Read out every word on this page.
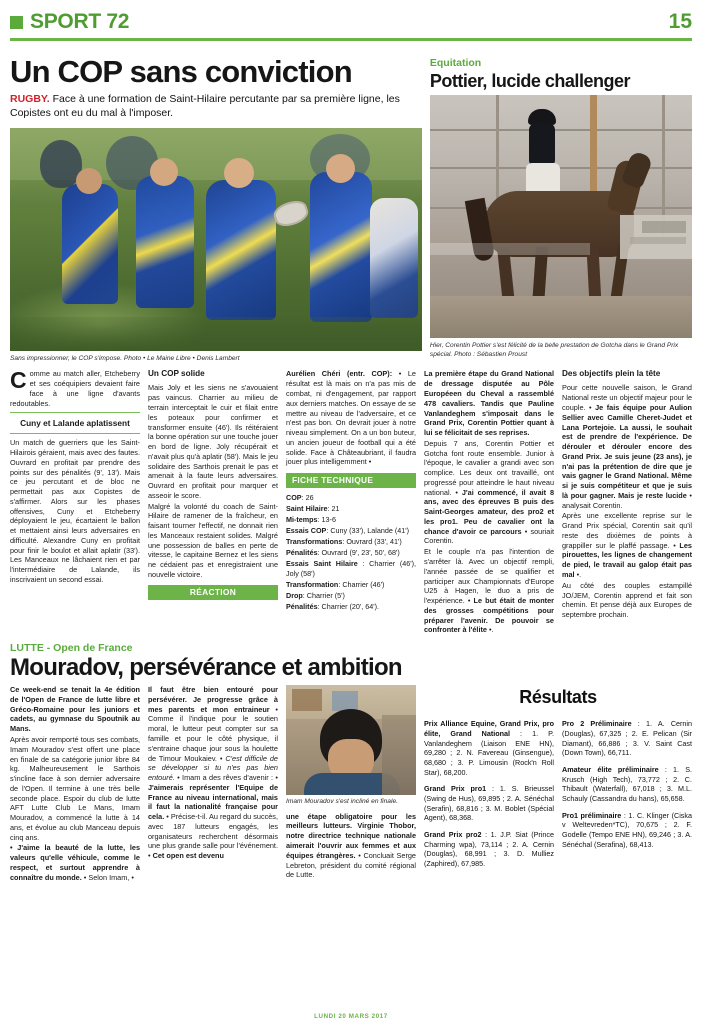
SPORT 72	15
Un COP sans conviction
RUGBY. Face à une formation de Saint-Hilaire percutante par sa première ligne, les Copistes ont eu du mal à l'imposer.
Sans impressionner, le COP s'impose. Photo • Le Maine Libre • Denis Lambert
Equitation
Pottier, lucide challenger
Hier, Corentin Pottier s'est félicité de la belle prestation de Gotcha dans le Grand Prix spécial. Photo : Sébastien Proust

Comme au match aller, Etcheberry et ses coéquipiers devaient faire face à une ligne d'avants redoutables.

Cuny et Lalande aplatissent

Un match de guerriers que les Saint-Hilairois géraient, mais avec des fautes. Ouvrard en profitait par prendre des points sur des pénalités (9', 13'). Mais ce jeu percutant et de bloc ne permettait pas aux Copistes de s'affirmer. Alors sur les phases offensives, Cuny et Etcheberry déployaient le jeu, écartaient le ballon et mettaient ainsi leurs adversaires en difficulté. Alexandre Cuny en profitait pour finir le boulot et allait aplatir (33'). Les Manceaux ne lâchaient rien et par l'intermédiaire de Lalande, ils inscrivaient un second essai.

Un COP solide

Mais Joly et les siens ne s'avouaient pas vaincus. Charrier au milieu de terrain interceptait le cuir et filait entre les poteaux pour confirmer et transformer ensuite (46'). Ils réitéraient la bonne opération sur une touche jouer en bord de ligne. Joly récupérait et n'avait plus qu'à aplatir (58'). Mais le jeu solidaire des Sarthois prenait le pas et amenait à la faute leurs adversaires. Ouvrard en profitait pour marquer et asseoir le score.

Malgré la volonté du coach de Saint-Hilaire de ramener de la fraîcheur, en faisant tourner l'effectif, ne donnait rien les Manceaux restaient solides. Malgré une possession de balles en perte de vitesse, le capitaine Bernez et les siens ne cédaient pas et enregistraient une nouvelle victoire.

RÉACTION

Aurélien Chéri (entr. COP): • Le résultat est là mais on n'a pas mis de combat, ni d'engagement, par rapport aux derniers matches. On essaye de se mettre au niveau de l'adversaire, et ce n'est pas bon. On devrait jouer à notre niveau simplement. On a un bon buteur, un ancien joueur de football qui a été solide. Face à Châteaubriant, il faudra jouer plus intelligemment •

FICHE TECHNIQUE
COP: 26
Saint Hilaire: 21
Mi-temps: 13-6
Essais COP: Cuny (33'), Lalande (41')
Transformations: Ouvrard (33', 41')
Pénalités: Ouvrard (9', 23', 50', 68')
Essais Saint Hilaire : Charrier (46'), Joly (58')
Transformation: Charrier (46')
Drop: Charrier (5')
Pénalités: Charrier (20', 64').

La première étape du Grand National de dressage disputée au Pôle Européeen du Cheval a rassemblé 478 cavaliers. Tandis que Pauline Vanlandeghem s'imposait dans le Grand Prix, Corentin Pottier quant à lui se félicitait de ses reprises.

Depuis 7 ans, Corentin Pottier et Gotcha font route ensemble. Junior à l'époque, le cavalier a grandi avec son complice. Les deux ont travaillé, ont progressé pour atteindre le haut niveau national. • J'ai commencé, il avait 8 ans, avec des épreuves B puis des Saint-Georges amateur, des pro2 et les pro1. Peu de cavalier ont la chance d'avoir ce parcours • souriait Corentin.

Et le couple n'a pas l'intention de s'arrêter là. Avec un objectif rempli, l'année passée de se qualifier et participer aux Championnats d'Europe U25 à Hagen, le duo a pris de l'expérience. • Le but était de monter des grosses compétitions pour préparer l'avenir. De pouvoir se confronter à l'élite •.

Des objectifs plein la tête

Pour cette nouvelle saison, le Grand National reste un objectif majeur pour le couple. • Je fais équipe pour Aulion Sellier avec Camille Cheret-Judet et Lana Portejoie. La aussi, le souhait est de prendre de l'expérience. De dérouler et dérouler encore des Grand Prix. Je suis jeune (23 ans), je n'ai pas la prétention de dire que je vais gagner le Grand National. Même si je suis compétiteur et que je suis là pour gagner. Mais je reste lucide • analysait Corentin.

Après une excellente reprise sur le Grand Prix spécial, Corentin sait qu'il reste des dixièmes de points à grappiller sur le plaffé passage. • Les pirouettes, les lignes de changement de pied, le travail au galop était pas mal •.

Au côté des couples estampillé JO/JEM, Corentin apprend et fait son chemin. Et pense déjà aux Europes de septembre prochain.

LUTTE - Open de France
Mouradov, persévérance et ambition

Ce week-end se tenait la 4e édition de l'Open de France de lutte libre et Gréco-Romaine pour les juniors et cadets, au gymnase du Spoutnik au Mans.

Après avoir remporté tous ses combats, Imam Mouradov s'est offert une place en finale de sa catégorie junior libre 84 kg. Malheureusement le Sarthois s'incline face à son dernier adversaire de l'Open. Il termine à une très belle seconde place. Espoir du club de lutte AFT Lutte Club Le Mans, Imam Mouradov, a commencé la lutte à 14 ans, et évolue au club Manceau depuis cinq ans.

• J'aime la beauté de la lutte, les valeurs qu'elle véhicule, comme le respect, et surtout apprendre à connaître du monde. • Selon Imam, •

Il faut être bien entouré pour persévérer. Je progresse grâce à mes parents et mon entraineur • Comme il l'indique pour le soutien moral, le lutteur peut compter sur sa famille et pour le côté physique, il s'entraine chaque jour sous la houlette de Timour Moukaiev. • C'est difficile de se développer si tu n'es pas bien entouré. • Imam a des rêves d'avenir : • J'aimerais représenter l'Equipe de France au niveau international, mais il faut la nationalité française pour cela. • Précise-t-il. Au regard du succès, avec 187 lutteurs engagés, les organisateurs recherchent désormais une plus grande salle pour l'événement. • Cet open est devenu

Imam Mouradov s'est incliné en finale.

une étape obligatoire pour les meilleurs lutteurs. Virginie Thobor, notre directrice technique nationale aimerait l'ouvrir aux femmes et aux équipes étrangères. • Concluait Serge Lebreton, président du comité régional de Lutte.

Résultats

Prix Alliance Equine, Grand Prix, pro élite, Grand National : 1. P. Vanlandeghem (Liaison ENE HN), 69,280 ; 2. N. Favereau (Ginsengue), 68,680 ; 3. P. Limousin (Rock'n Roll Star), 68,200.

Grand Prix pro1 : 1. S. Brieussel (Swing de Hus), 69,895 ; 2. A. Sénéchal (Serafin), 68,816 ; 3. M. Boblet (Spécial Agent), 68,368.

Grand Prix pro2 : 1. J.P. Siat (Prince Charming wpa), 73,114 ; 2. A. Cernin (Douglas), 68,991 ; 3. D. Mulliez (Zaphired), 67,985.

Pro 2 Préliminaire : 1. A. Cernin (Douglas), 67,325 ; 2. E. Pelican (Sir Diamant), 66,886 ; 3. V. Saint Cast (Down Town), 66,711.

Amateur élite préliminaire : 1. S. Krusch (High Tech), 73,772 ; 2. C. Thibault (Waterfall), 67,018 ; 3. M.L. Schauly (Cassandra du hans), 65,658.

Pro1 préliminaire : 1. C. Klinger (Ciska v Weltevreden*TC), 70,675 ; 2. F. Godelle (Tempo ENE HN), 69,246 ; 3. A. Sénéchal (Serafina), 68,413.

LUNDI 20 MARS 2017
